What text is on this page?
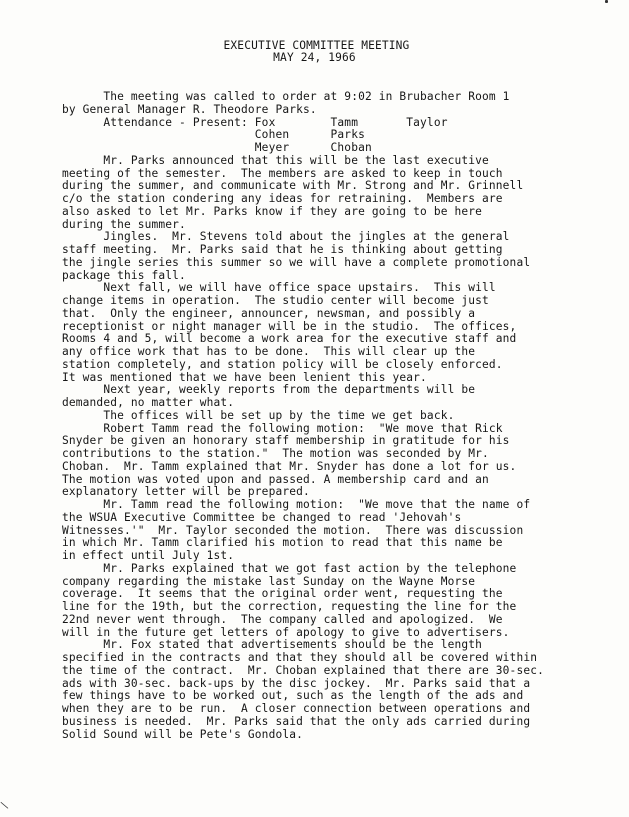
EXECUTIVE COMMITTEE MEETING
MAY 24, 1966
The meeting was called to order at 9:02 in Brubacher Room 1
by General Manager R. Theodore Parks.
Attendance - Present: Fox        Tamm       Taylor
Cohen      Parks
Meyer      Choban
Mr. Parks announced that this will be the last executive
meeting of the semester.  The members are asked to keep in touch
during the summer, and communicate with Mr. Strong and Mr. Grinnell
c/o the station condering any ideas for retraining.  Members are
also asked to let Mr. Parks know if they are going to be here
during the summer.
Jingles.  Mr. Stevens told about the jingles at the general
staff meeting.  Mr. Parks said that he is thinking about getting
the jingle series this summer so we will have a complete promotional
package this fall.
Next fall, we will have office space upstairs.  This will
change items in operation.  The studio center will become just
that.  Only the engineer, announcer, newsman, and possibly a
receptionist or night manager will be in the studio.  The offices,
Rooms 4 and 5, will become a work area for the executive staff and
any office work that has to be done.  This will clear up the
station completely, and station policy will be closely enforced.
It was mentioned that we have been lenient this year.
Next year, weekly reports from the departments will be
demanded, no matter what.
The offices will be set up by the time we get back.
Robert Tamm read the following motion:  "We move that Rick
Snyder be given an honorary staff membership in gratitude for his
contributions to the station."  The motion was seconded by Mr.
Choban.  Mr. Tamm explained that Mr. Snyder has done a lot for us.
The motion was voted upon and passed. A membership card and an
explanatory letter will be prepared.
Mr. Tamm read the following motion:  "We move that the name of
the WSUA Executive Committee be changed to read 'Jehovah's
Witnesses.'"  Mr. Taylor seconded the motion.  There was discussion
in which Mr. Tamm clarified his motion to read that this name be
in effect until July 1st.
Mr. Parks explained that we got fast action by the telephone
company regarding the mistake last Sunday on the Wayne Morse
coverage.  It seems that the original order went, requesting the
line for the 19th, but the correction, requesting the line for the
22nd never went through.  The company called and apologized.  We
will in the future get letters of apology to give to advertisers.
Mr. Fox stated that advertisements should be the length
specified in the contracts and that they should all be covered within
the time of the contract.  Mr. Choban explained that there are 30-sec.
ads with 30-sec. back-ups by the disc jockey.  Mr. Parks said that a
few things have to be worked out, such as the length of the ads and
when they are to be run.  A closer connection between operations and
business is needed.  Mr. Parks said that the only ads carried during
Solid Sound will be Pete's Gondola.
